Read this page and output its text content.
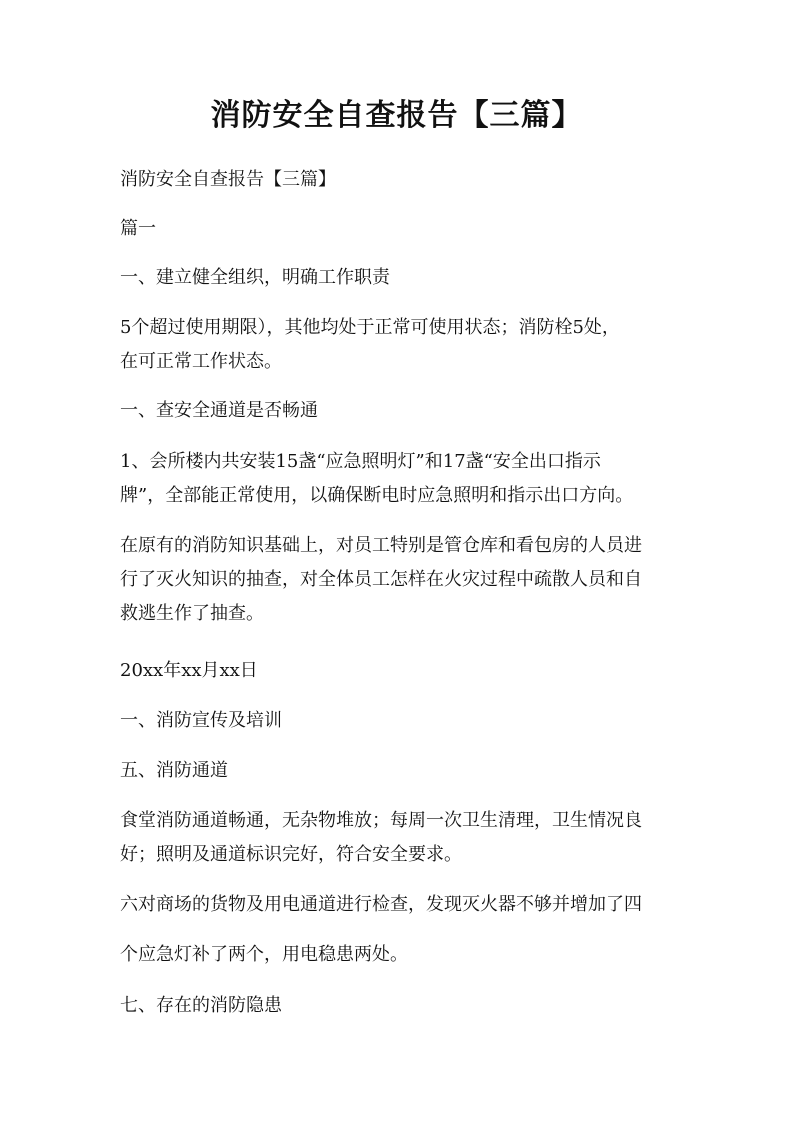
消防安全自查报告【三篇】

消防安全自查报告【三篇】

篇一

一、建立健全组织，明确工作职责

5个超过使用期限），其他均处于正常可使用状态；消防栓5处，
在可正常工作状态。

一、查安全通道是否畅通

1、会所楼内共安装15盏“应急照明灯”和17盏“安全出口指示
牌”，全部能正常使用，以确保断电时应急照明和指示出口方向。

在原有的消防知识基础上，对员工特别是管仓库和看包房的人员进
行了灭火知识的抽查，对全体员工怎样在火灾过程中疏散人员和自
救逃生作了抽查。

20xx年xx月xx日

一、消防宣传及培训

五、消防通道

食堂消防通道畅通，无杂物堆放；每周一次卫生清理，卫生情况良
好；照明及通道标识完好，符合安全要求。

六对商场的货物及用电通道进行检查，发现灭火器不够并增加了四

个应急灯补了两个，用电稳患两处。

七、存在的消防隐患
